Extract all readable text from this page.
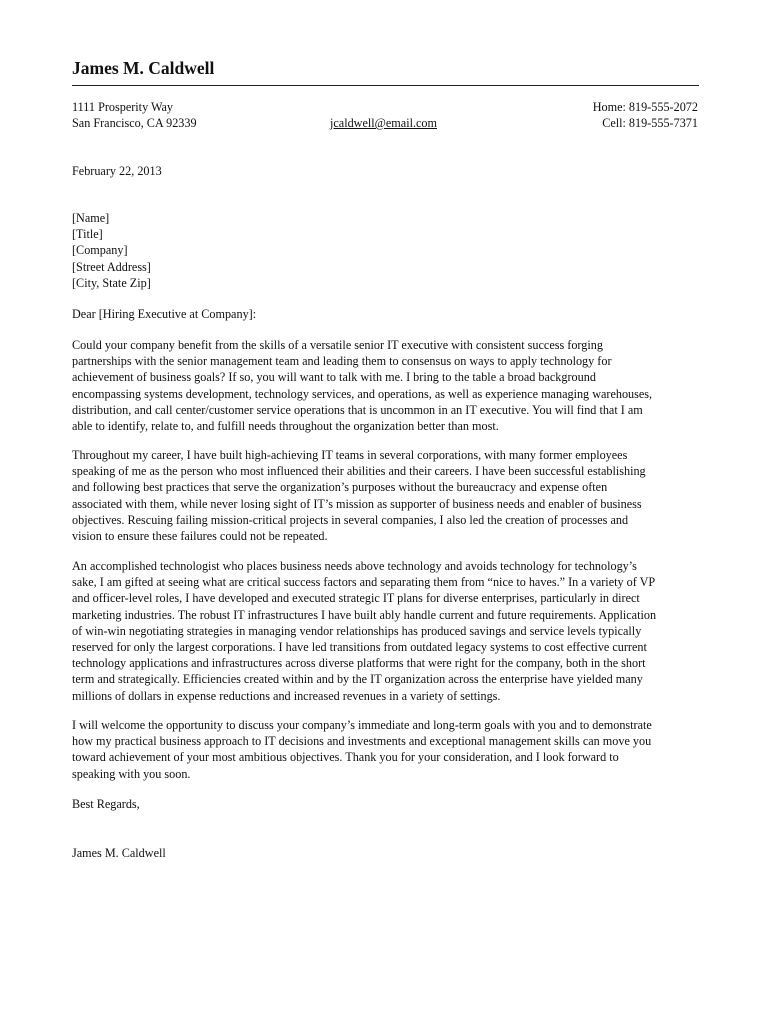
James M. Caldwell
1111 Prosperity Way
San Francisco, CA 92339	jcaldwell@email.com
Home: 819-555-2072
Cell: 819-555-7371
February 22, 2013
[Name]
[Title]
[Company]
[Street Address]
[City, State Zip]
Dear [Hiring Executive at Company]:

Could your company benefit from the skills of a versatile senior IT executive with consistent success forging
partnerships with the senior management team and leading them to consensus on ways to apply technology for
achievement of business goals? If so, you will want to talk with me. I bring to the table a broad background
encompassing systems development, technology services, and operations, as well as experience managing warehouses,
distribution, and call center/customer service operations that is uncommon in an IT executive. You will find that I am
able to identify, relate to, and fulfill needs throughout the organization better than most.

Throughout my career, I have built high-achieving IT teams in several corporations, with many former employees
speaking of me as the person who most influenced their abilities and their careers. I have been successful establishing
and following best practices that serve the organization’s purposes without the bureaucracy and expense often
associated with them, while never losing sight of IT’s mission as supporter of business needs and enabler of business
objectives. Rescuing failing mission-critical projects in several companies, I also led the creation of processes and
vision to ensure these failures could not be repeated.

An accomplished technologist who places business needs above technology and avoids technology for technology’s
sake, I am gifted at seeing what are critical success factors and separating them from “nice to haves.” In a variety of VP
and officer-level roles, I have developed and executed strategic IT plans for diverse enterprises, particularly in direct
marketing industries. The robust IT infrastructures I have built ably handle current and future requirements. Application
of win-win negotiating strategies in managing vendor relationships has produced savings and service levels typically
reserved for only the largest corporations. I have led transitions from outdated legacy systems to cost effective current
technology applications and infrastructures across diverse platforms that were right for the company, both in the short
term and strategically. Efficiencies created within and by the IT organization across the enterprise have yielded many
millions of dollars in expense reductions and increased revenues in a variety of settings.

I will welcome the opportunity to discuss your company’s immediate and long-term goals with you and to demonstrate
how my practical business approach to IT decisions and investments and exceptional management skills can move you
toward achievement of your most ambitious objectives. Thank you for your consideration, and I look forward to
speaking with you soon.

Best Regards,
James M. Caldwell
